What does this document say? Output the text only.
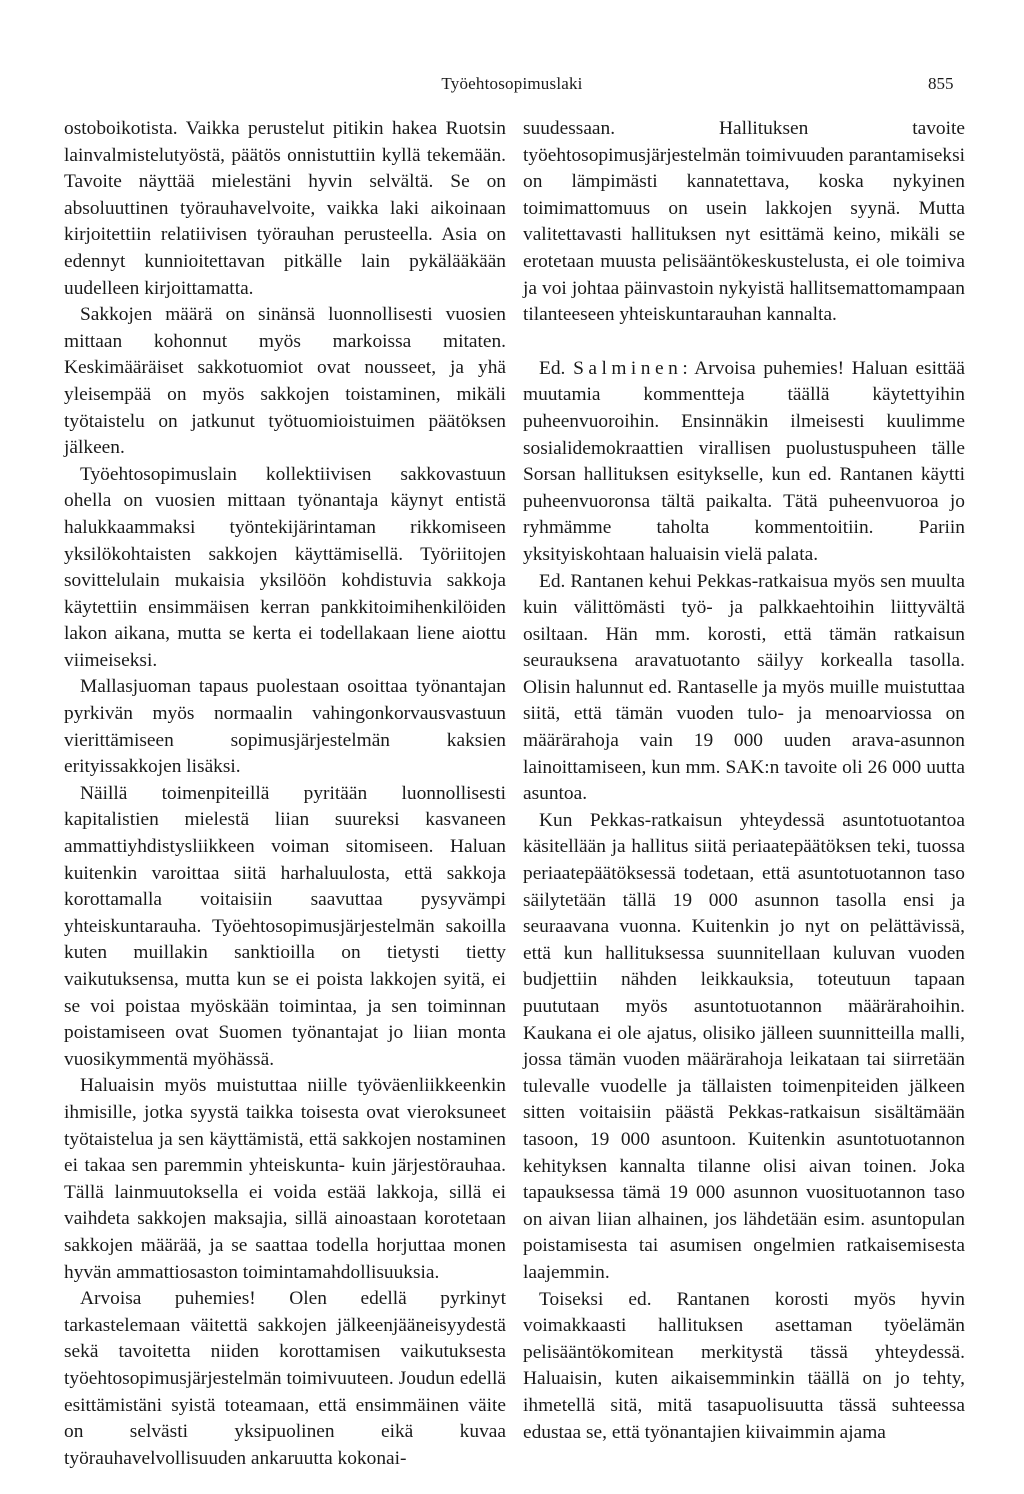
Työehtosopimuslaki	855

ostoboikotista. Vaikka perustelut pitikin hakea Ruotsin lainvalmistelutyöstä, päätös onnistuttiin kyllä tekemään. Tavoite näyttää mielestäni hyvin selvältä. Se on absoluuttinen työrauhavelvoite, vaikka laki aikoinaan kirjoitettiin relatiivisen työrauhan perusteella. Asia on edennyt kunnioitettavan pitkälle lain pykälääkään uudelleen kirjoittamatta.

Sakkojen määrä on sinänsä luonnollisesti vuosien mittaan kohonnut myös markoissa mitaten. Keskimääräiset sakkotuomiot ovat nousseet, ja yhä yleisempää on myös sakkojen toistaminen, mikäli työtaistelu on jatkunut työtuomioistuimen päätöksen jälkeen.

Työehtosopimuslain kollektiivisen sakkovastuun ohella on vuosien mittaan työnantaja käynyt entistä halukkaammaksi työntekijärintaman rikkomiseen yksilökohtaisten sakkojen käyttämisellä. Työriitojen sovittelulain mukaisia yksilöön kohdistuvia sakkoja käytettiin ensimmäisen kerran pankkitoimihenkilöiden lakon aikana, mutta se kerta ei todellakaan liene aiottu viimeiseksi.

Mallasjuoman tapaus puolestaan osoittaa työnantajan pyrkivän myös normaalin vahingonkorvausvastuun vierittämiseen sopimusjärjestelmän kaksien erityissakkojen lisäksi.

Näillä toimenpiteillä pyritään luonnollisesti kapitalistien mielestä liian suureksi kasvaneen ammattiyhdistysliikkeen voiman sitomiseen. Haluan kuitenkin varoittaa siitä harhaluulosta, että sakkoja korottamalla voitaisiin saavuttaa pysyvämpi yhteiskuntarauha. Työehtosopimusjärjestelmän sakoilla kuten muillakin sanktioilla on tietysti tietty vaikutuksensa, mutta kun se ei poista lakkojen syitä, ei se voi poistaa myöskään toimintaa, ja sen toiminnan poistamiseen ovat Suomen työnantajat jo liian monta vuosikymmentä myöhässä.

Haluaisin myös muistuttaa niille työväenliikkeenkin ihmisille, jotka syystä taikka toisesta ovat vieroksuneet työtaistelua ja sen käyttämistä, että sakkojen nostaminen ei takaa sen paremmin yhteiskunta- kuin järjestörauhaa. Tällä lainmuutoksella ei voida estää lakkoja, sillä ei vaihdeta sakkojen maksajia, sillä ainoastaan korotetaan sakkojen määrää, ja se saattaa todella horjuttaa monen hyvän ammattiosaston toimintamahdollisuuksia.

Arvoisa puhemies! Olen edellä pyrkinyt tarkastelemaan väitettä sakkojen jälkeenjääneisyydestä sekä tavoitetta niiden korottamisen vaikutuksesta työehtosopimusjärjestelmän toimivuuteen. Joudun edellä esittämistäni syistä toteamaan, että ensimmäinen väite on selvästi yksipuolinen eikä kuvaa työrauhavelvollisuuden ankaruutta kokonai-

suudessaan. Hallituksen tavoite työehtosopimusjärjestelmän toimivuuden parantamiseksi on lämpimästi kannatettava, koska nykyinen toimimattomuus on usein lakkojen syynä. Mutta valitettavasti hallituksen nyt esittämä keino, mikäli se erotetaan muusta pelisääntökeskustelusta, ei ole toimiva ja voi johtaa päinvastoin nykyistä hallitsemattomampaan tilanteeseen yhteiskuntarauhan kannalta.

Ed. Salminen: Arvoisa puhemies! Haluan esittää muutamia kommentteja täällä käytettyihin puheenvuoroihin. Ensinnäkin ilmeisesti kuulimme sosialidemokraattien virallisen puolustuspuheen tälle Sorsan hallituksen esitykselle, kun ed. Rantanen käytti puheenvuoronsa tältä paikalta. Tätä puheenvuoroa jo ryhmämme taholta kommentoitiin. Pariin yksityiskohtaan haluaisin vielä palata.

Ed. Rantanen kehui Pekkas-ratkaisua myös sen muulta kuin välittömästi työ- ja palkkaehtoihin liittyvältä osiltaan. Hän mm. korosti, että tämän ratkaisun seurauksena aravatuotanto säilyy korkealla tasolla. Olisin halunnut ed. Rantaselle ja myös muille muistuttaa siitä, että tämän vuoden tulo- ja menoarviossa on määrärahoja vain 19 000 uuden arava-asunnon lainoittamiseen, kun mm. SAK:n tavoite oli 26 000 uutta asuntoa.

Kun Pekkas-ratkaisun yhteydessä asuntotuotantoa käsitellään ja hallitus siitä periaatepäätöksen teki, tuossa periaatepäätöksessä todetaan, että asuntotuotannon taso säilytetään tällä 19 000 asunnon tasolla ensi ja seuraavana vuonna. Kuitenkin jo nyt on pelättävissä, että kun hallituksessa suunnitellaan kuluvan vuoden budjettiin nähden leikkauksia, toteutuun tapaan puututaan myös asuntotuotannon määrärahoihin. Kaukana ei ole ajatus, olisiko jälleen suunnitteilla malli, jossa tämän vuoden määrärahoja leikataan tai siirretään tulevalle vuodelle ja tällaisten toimenpiteiden jälkeen sitten voitaisiin päästä Pekkas-ratkaisun sisältämään tasoon, 19 000 asuntoon. Kuitenkin asuntotuotannon kehityksen kannalta tilanne olisi aivan toinen. Joka tapauksessa tämä 19 000 asunnon vuosituotannon taso on aivan liian alhainen, jos lähdetään esim. asuntopulan poistamisesta tai asumisen ongelmien ratkaisemisesta laajemmin.

Toiseksi ed. Rantanen korosti myös hyvin voimakkaasti hallituksen asettaman työelämän pelisääntökomitean merkitystä tässä yhteydessä. Haluaisin, kuten aikaisemminkin täällä on jo tehty, ihmetellä sitä, mitä tasapuolisuutta tässä suhteessa edustaa se, että työnantajien kiivaimmin ajama
